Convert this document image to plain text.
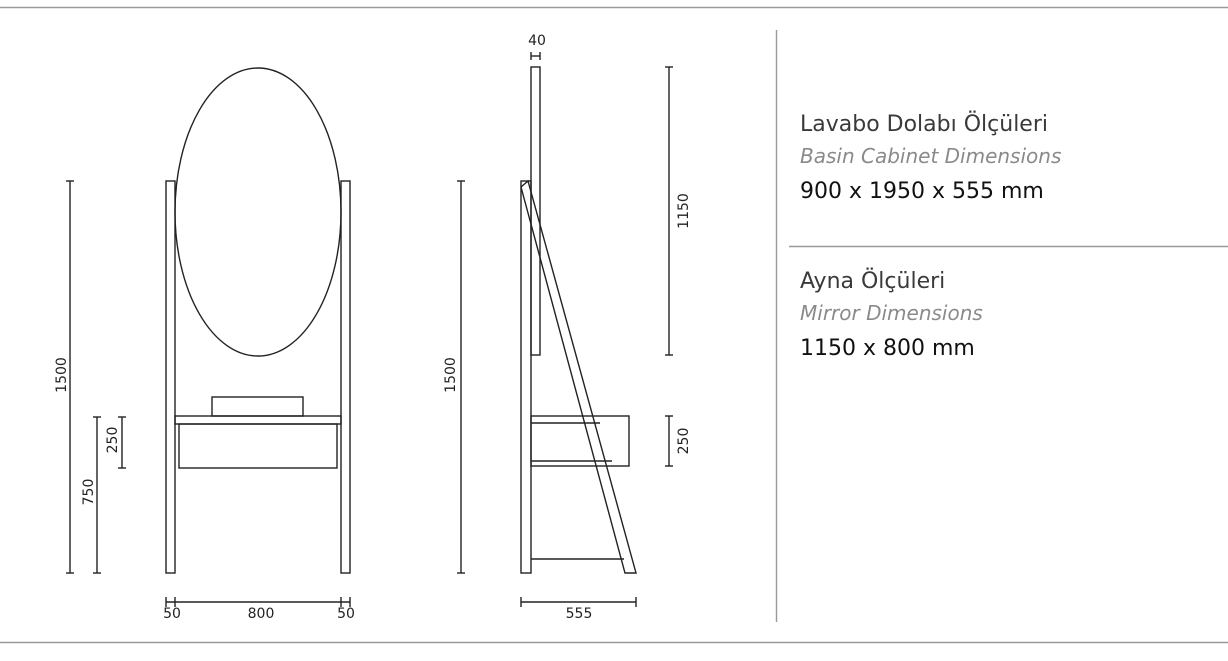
1500
750
250
50	800	50
40
1500
1150
250
555
Lavabo Dolabı Ölçüleri
Basin Cabinet Dimensions
900 x 1950 x 555 mm
Ayna Ölçüleri
Mirror Dimensions
1150 x 800 mm
